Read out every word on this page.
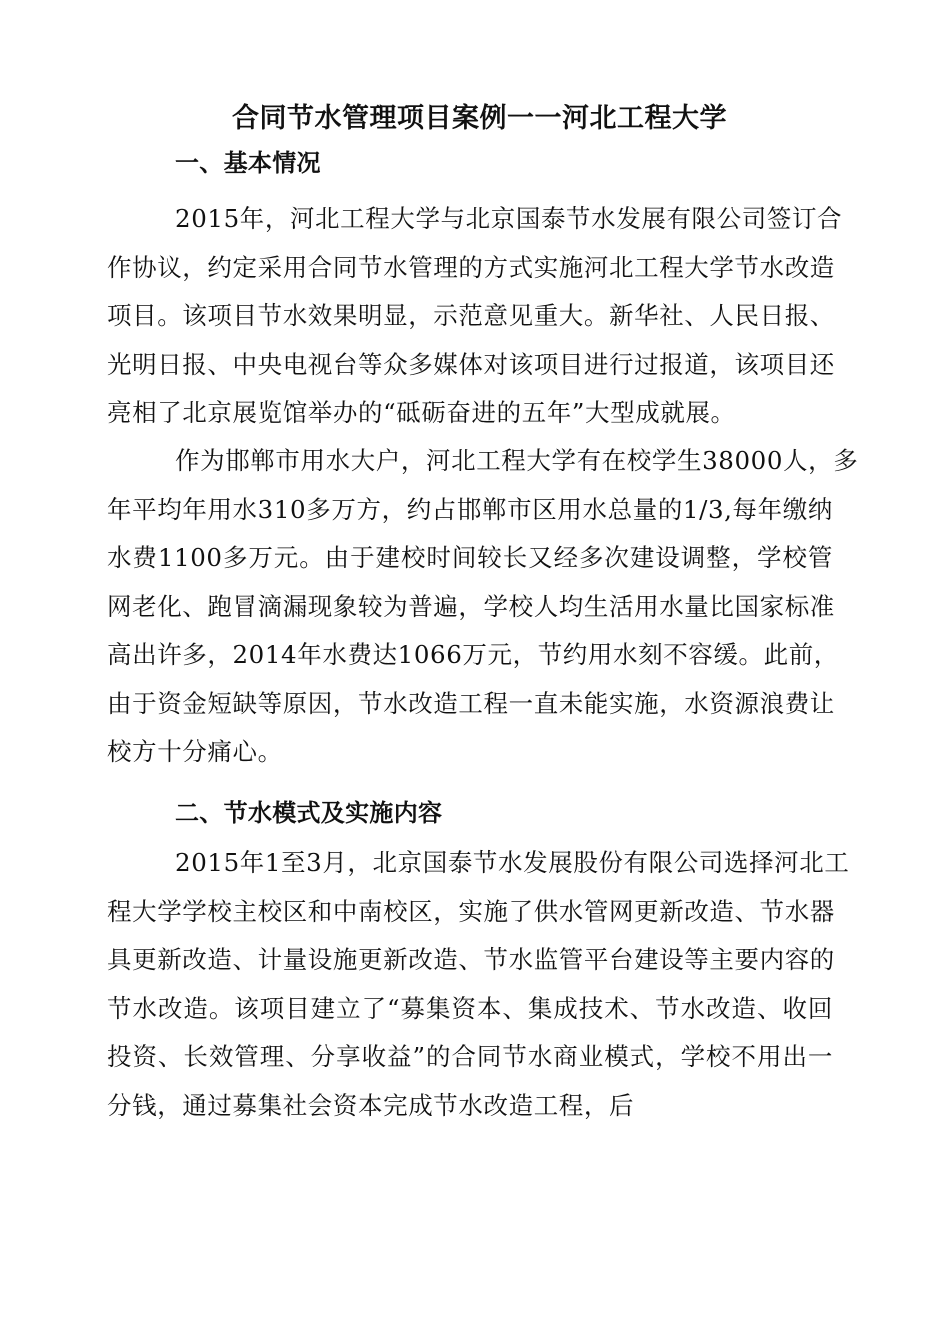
合同节水管理项目案例一一河北工程大学
一、基本情况
2015年，河北工程大学与北京国泰节水发展有限公司签订合
作协议，约定采用合同节水管理的方式实施河北工程大学节水改造
项目。该项目节水效果明显，示范意见重大。新华社、人民日报、
光明日报、中央电视台等众多媒体对该项目进行过报道，该项目还
亮相了北京展览馆举办的“砥砺奋进的五年”大型成就展。
作为邯郸市用水大户，河北工程大学有在校学生38000人，多
年平均年用水310多万方，约占邯郸市区用水总量的1/3,每年缴纳
水费1100多万元。由于建校时间较长又经多次建设调整，学校管
网老化、跑冒滴漏现象较为普遍，学校人均生活用水量比国家标准
高出许多，2014年水费达1066万元，节约用水刻不容缓。此前，
由于资金短缺等原因，节水改造工程一直未能实施，水资源浪费让
校方十分痛心。
二、节水模式及实施内容
2015年1至3月，北京国泰节水发展股份有限公司选择河北工
程大学学校主校区和中南校区，实施了供水管网更新改造、节水器
具更新改造、计量设施更新改造、节水监管平台建设等主要内容的
节水改造。该项目建立了“募集资本、集成技术、节水改造、收回
投资、长效管理、分享收益”的合同节水商业模式，学校不用出一
分钱，通过募集社会资本完成节水改造工程，后
